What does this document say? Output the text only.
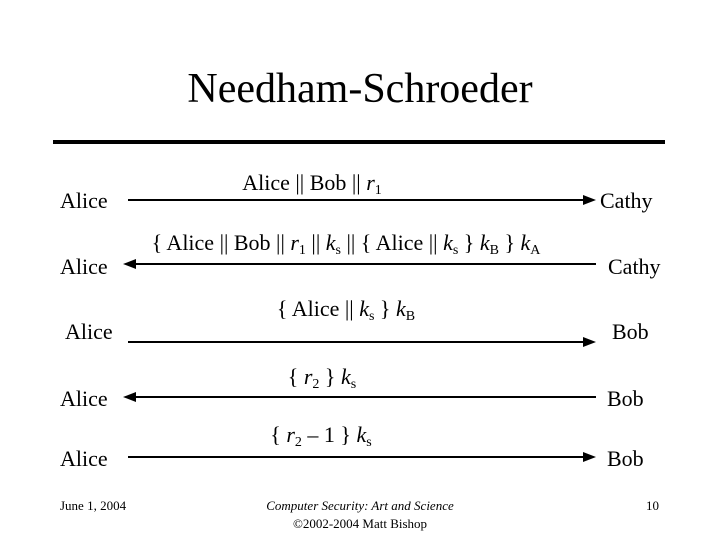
Needham-Schroeder
Alice
Alice || Bob || $r_1$	Cathy
Alice
{ Alice || Bob || $r_1$ || $k_s$ || { Alice || $k_s$ } $k_B$ } $k_A$
Cathy
Alice
{ Alice || $k_s$ } $k_B$
Bob
Alice
{ $r_2$ } $k_s$
Bob
Alice
{ $r_2 - 1$ } $k_s$
Bob
June 1, 2004	Computer Security: Art and Science
©2002-2004 Matt Bishop
10
